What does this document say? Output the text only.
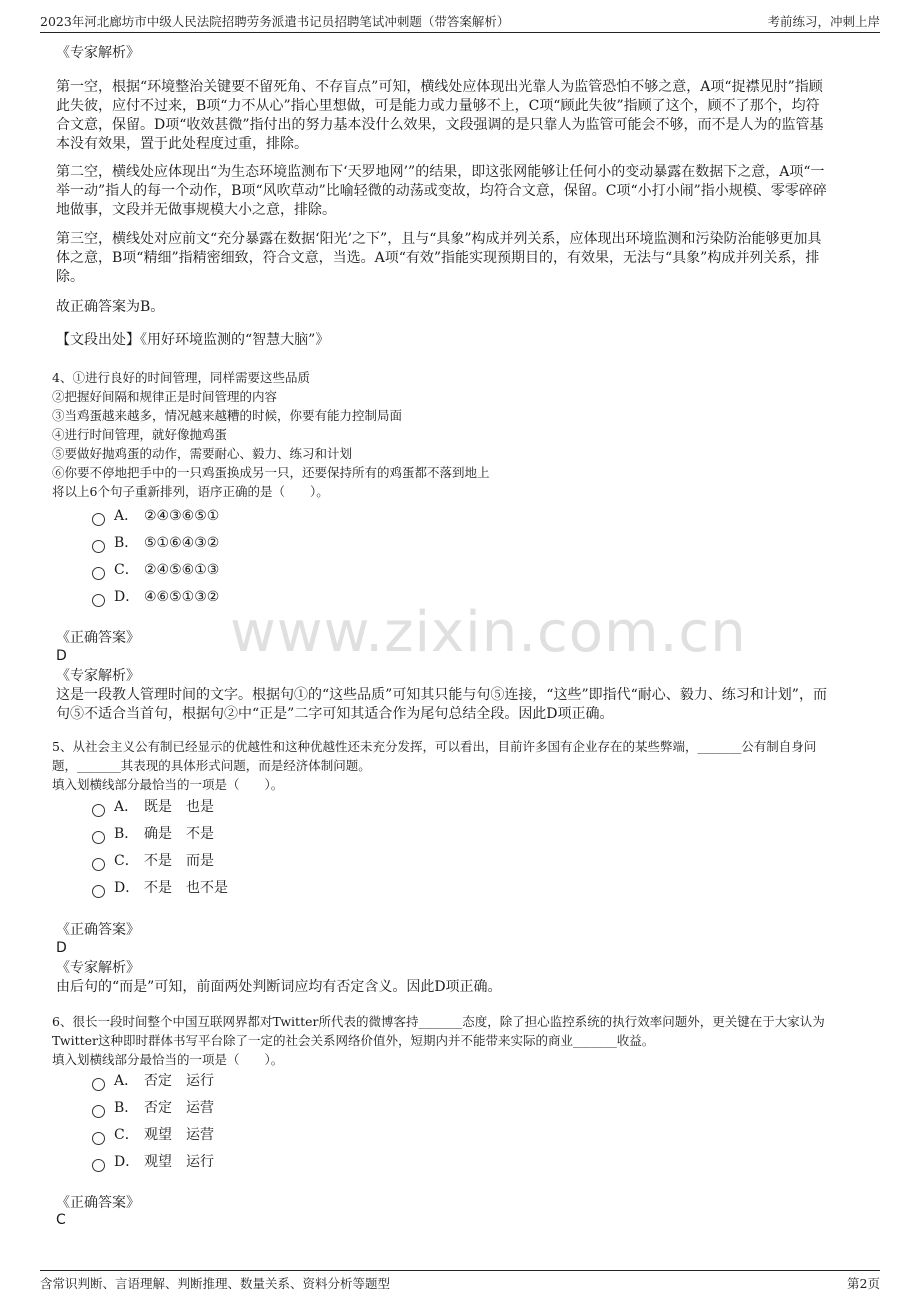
2023年河北廊坊市中级人民法院招聘劳务派遣书记员招聘笔试冲刺题（带答案解析）	考前练习，冲刺上岸
www.zixin.com.cn
《专家解析》
第一空，根据“环境整治关键要不留死角、不存盲点”可知，横线处应体现出光靠人为监管恐怕不够之意，A项“捉襟见肘”指顾
此失彼，应付不过来，B项“力不从心”指心里想做，可是能力或力量够不上，C项“顾此失彼”指顾了这个，顾不了那个，均符
合文意，保留。D项“收效甚微”指付出的努力基本没什么效果，文段强调的是只靠人为监管可能会不够，而不是人为的监管基
本没有效果，置于此处程度过重，排除。
第二空，横线处应体现出“为生态环境监测布下‘天罗地网’”的结果，即这张网能够让任何小的变动暴露在数据下之意，A项“一
举一动”指人的每一个动作，B项“风吹草动”比喻轻微的动荡或变故，均符合文意，保留。C项“小打小闹”指小规模、零零碎碎
地做事，文段并无做事规模大小之意，排除。
第三空，横线处对应前文“充分暴露在数据‘阳光’之下”，且与“具象”构成并列关系，应体现出环境监测和污染防治能够更加具
体之意，B项“精细”指精密细致，符合文意，当选。A项“有效”指能实现预期目的，有效果，无法与“具象”构成并列关系，排
除。
故正确答案为B。
【文段出处】《用好环境监测的“智慧大脑”》
4、①进行良好的时间管理，同样需要这些品质
②把握好间隔和规律正是时间管理的内容
③当鸡蛋越来越多，情况越来越糟的时候，你要有能力控制局面
④进行时间管理，就好像抛鸡蛋
⑤要做好抛鸡蛋的动作，需要耐心、毅力、练习和计划
⑥你要不停地把手中的一只鸡蛋换成另一只，还要保持所有的鸡蛋都不落到地上
将以上6个句子重新排列，语序正确的是（　　）。
A． ②④③⑥⑤①
B． ⑤①⑥④③②
C． ②④⑤⑥①③
D． ④⑥⑤①③②
《正确答案》
D
《专家解析》
这是一段教人管理时间的文字。根据句①的“这些品质”可知其只能与句⑤连接，“这些”即指代“耐心、毅力、练习和计划”，而
句⑤不适合当首句，根据句②中“正是”二字可知其适合作为尾句总结全段。因此D项正确。
5、从社会主义公有制已经显示的优越性和这种优越性还未充分发挥，可以看出，目前许多国有企业存在的某些弊端，_______公有制自身问
题，_______其表现的具体形式问题，而是经济体制问题。
填入划横线部分最恰当的一项是（　　）。
A． 既是　也是
B． 确是　不是
C． 不是　而是
D． 不是　也不是
《正确答案》
D
《专家解析》
由后句的“而是”可知，前面两处判断词应均有否定含义。因此D项正确。
6、很长一段时间整个中国互联网界都对Twitter所代表的微博客持_______态度，除了担心监控系统的执行效率问题外，更关键在于大家认为
Twitter这种即时群体书写平台除了一定的社会关系网络价值外，短期内并不能带来实际的商业_______收益。
填入划横线部分最恰当的一项是（　　）。
A． 否定　运行
B． 否定　运营
C． 观望　运营
D． 观望　运行
《正确答案》
C
含常识判断、言语理解、判断推理、数量关系、资料分析等题型	第2页
